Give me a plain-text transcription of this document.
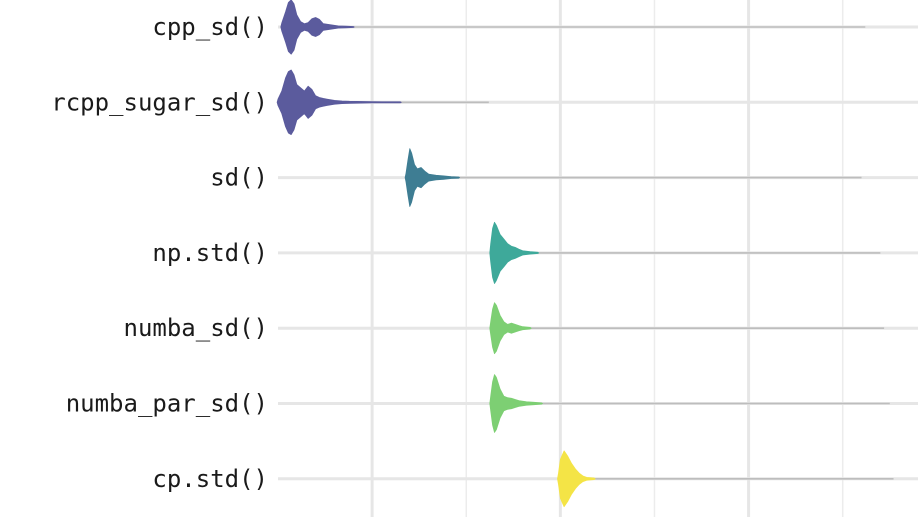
cpp_sd()
rcpp_sugar_sd()
sd()
np.std()
numba_sd()
numba_par_sd()
cp.std()
